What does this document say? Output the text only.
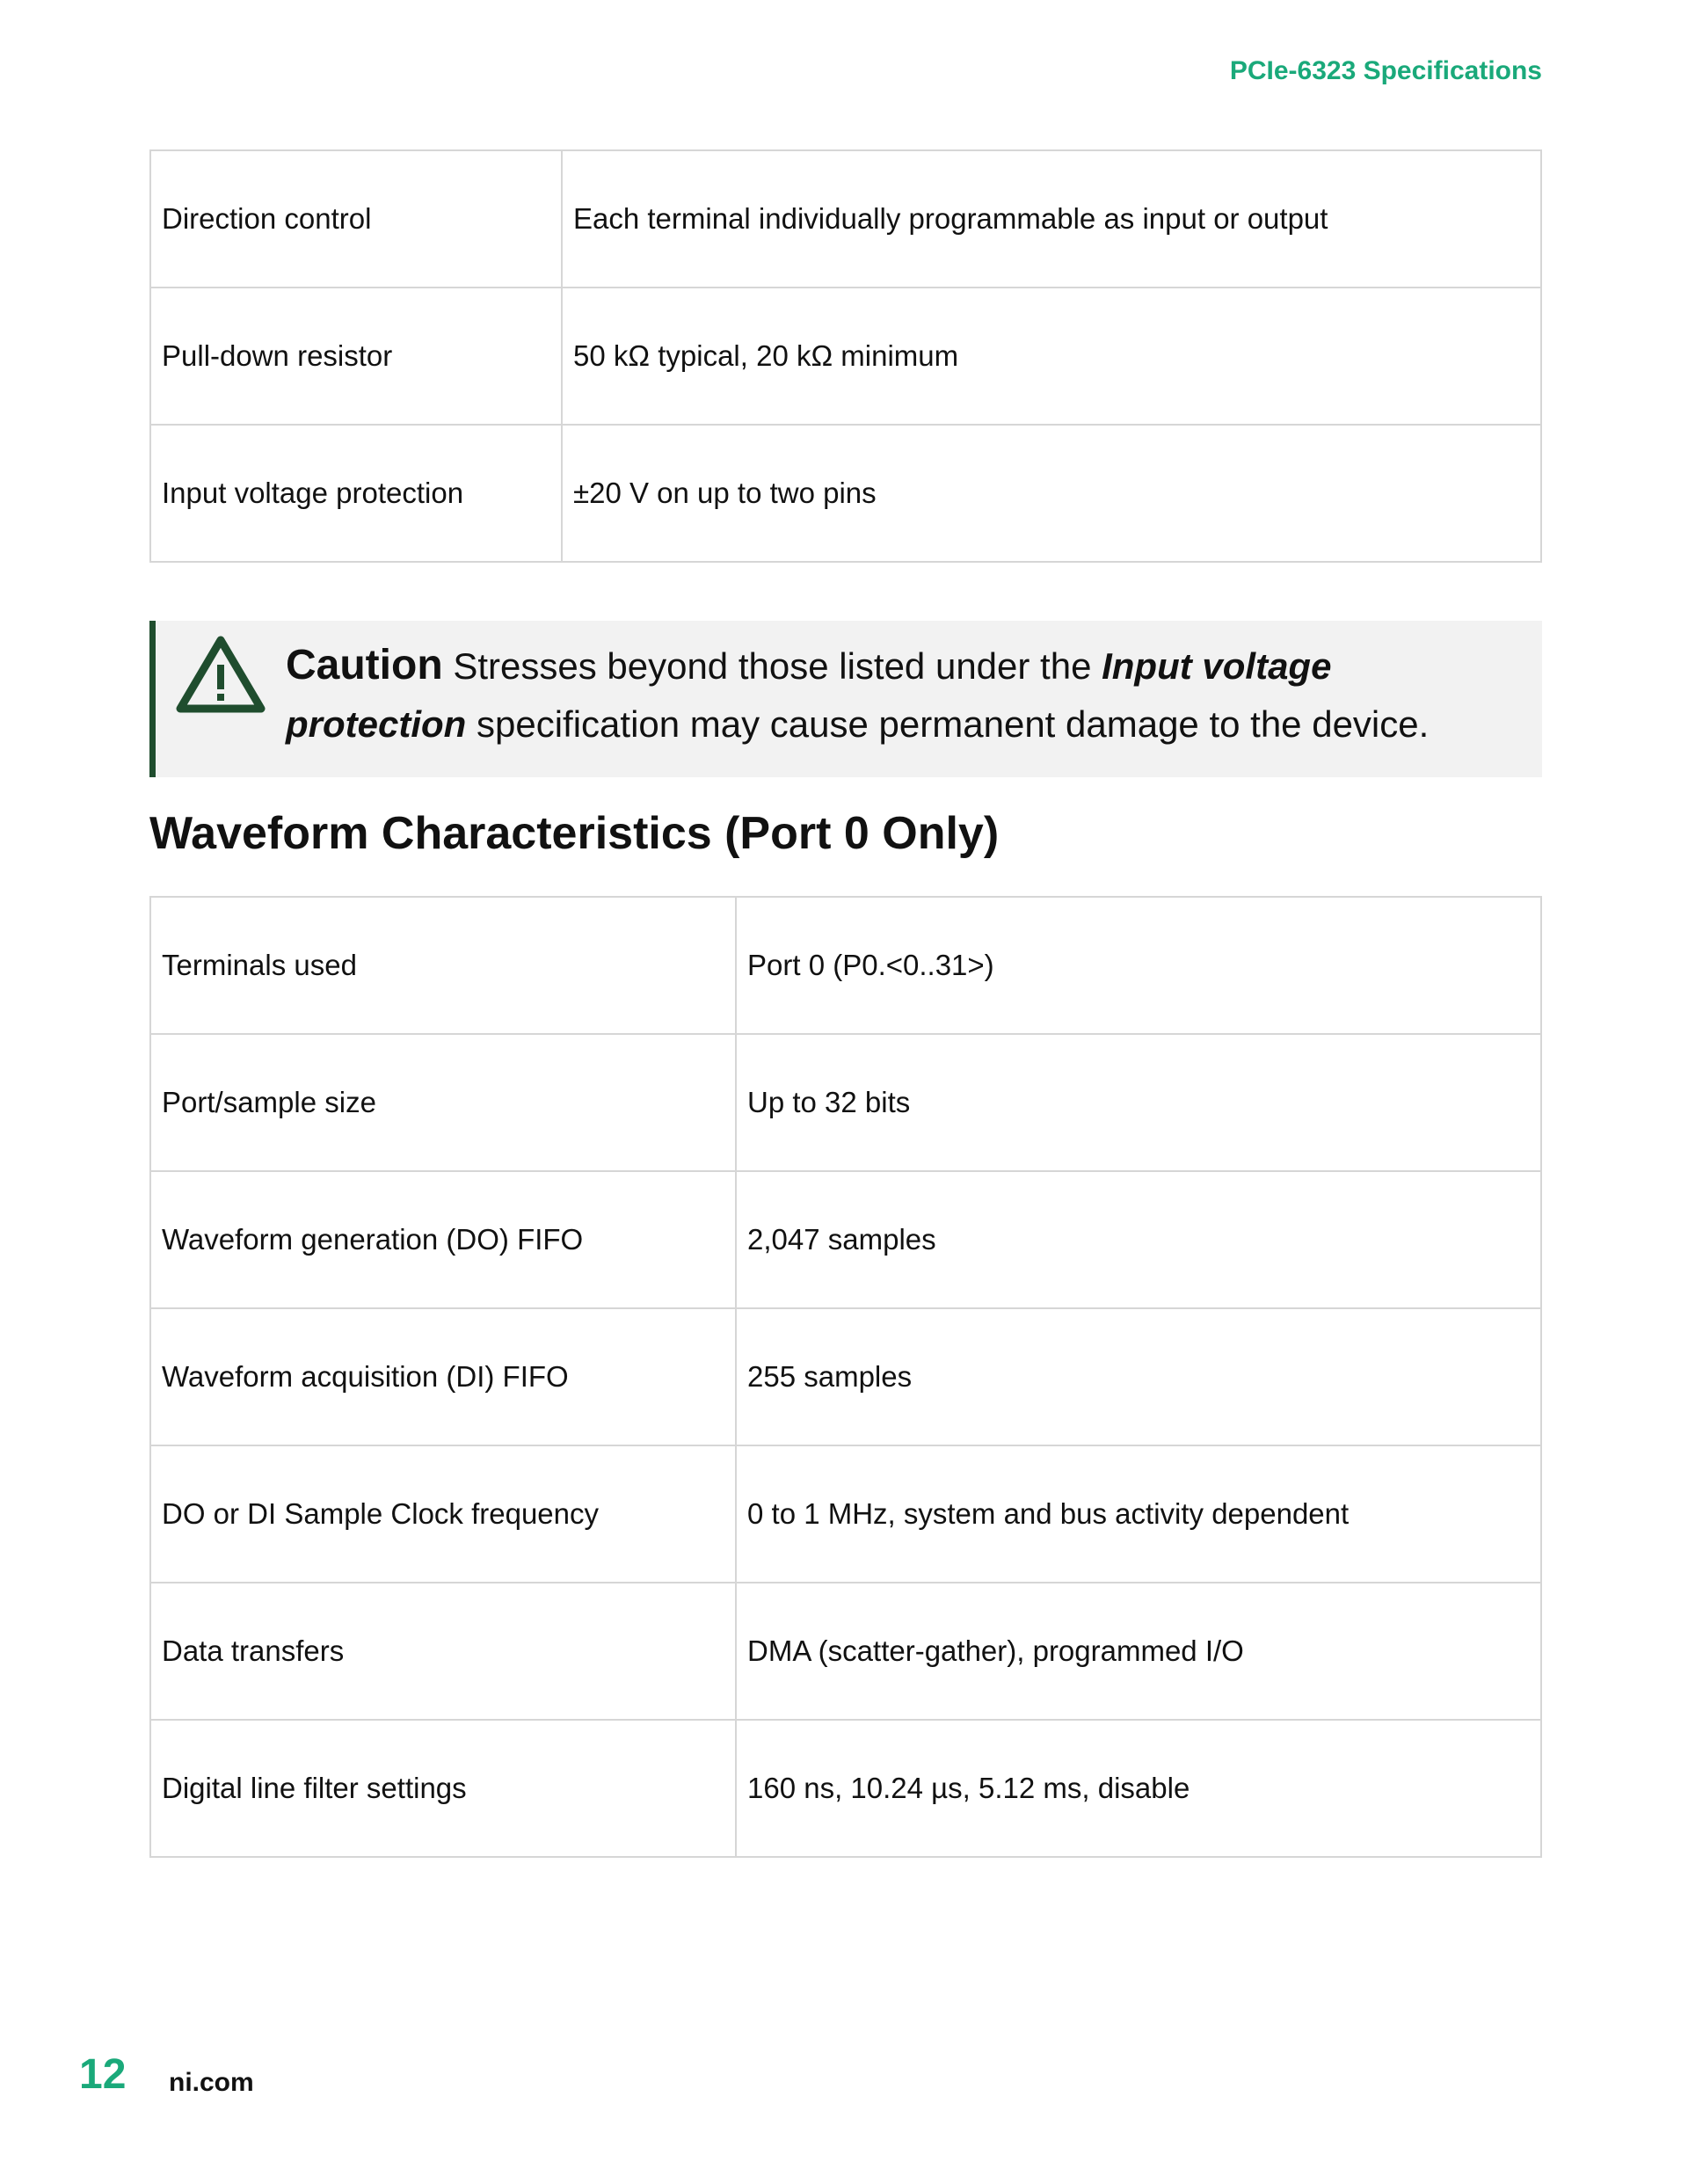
PCIe-6323 Specifications
Direction control	Each terminal individually programmable as input or output
Pull-down resistor	50 kΩ typical, 20 kΩ minimum
Input voltage protection	±20 V on up to two pins
Caution Stresses beyond those listed under the Input voltage protection specification may cause permanent damage to the device.
Waveform Characteristics (Port 0 Only)
Terminals used	Port 0 (P0.<0..31>)
Port/sample size	Up to 32 bits
Waveform generation (DO) FIFO	2,047 samples
Waveform acquisition (DI) FIFO	255 samples
DO or DI Sample Clock frequency	0 to 1 MHz, system and bus activity dependent
Data transfers	DMA (scatter-gather), programmed I/O
Digital line filter settings	160 ns, 10.24 µs, 5.12 ms, disable
12 ni.com
